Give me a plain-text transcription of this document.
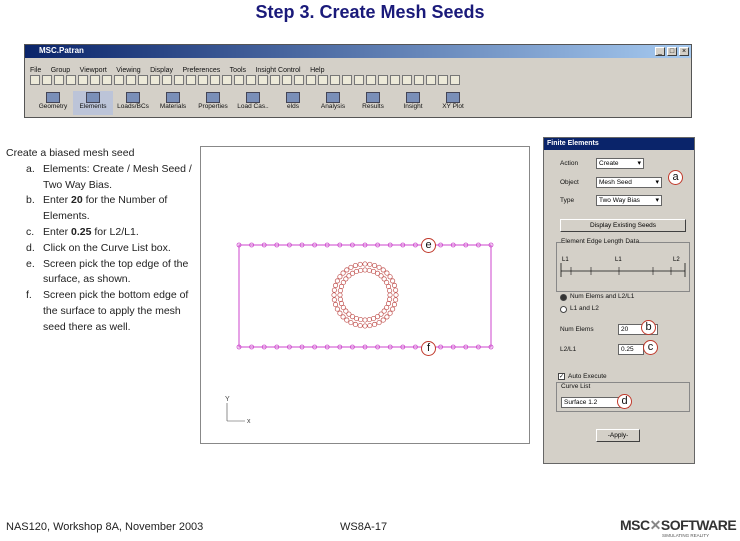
Step 3. Create Mesh Seeds
MSC.Patran	_	□	×
File Group Viewport Viewing Display Preferences Tools Insight Control Help
Geometry	Elements	Loads/BCs	Materials	Properties	Load Cas..	elds	Analysis	Results	Insight	XY Plot
Create a biased mesh seed
a. Elements: Create / Mesh Seed / Two Way Bias.
b. Enter 20 for the Number of Elements.
c. Enter 0.25 for L2/L1.
d. Click on the Curve List box.
e. Screen pick the top edge of the surface, as shown.
f. Screen pick the bottom edge of the surface to apply the mesh seed there as well.
Y
x
Finite Elements
Action	Create ▾
Object	Mesh Seed ▾
Type	Two Way Bias ▾
Display Existing Seeds
Element Edge Length Data
L1	L1	L2
Num Elems and L2/L1
L1 and L2
Num Elems	20
L2/L1	0.25
✓ Auto Execute
Curve List
Surface 1.2
-Apply-
a
b
c
d
e
f
NAS120, Workshop 8A, November 2003	WS8A-17	MSC✕SOFTWARE
SIMULATING REALITY
